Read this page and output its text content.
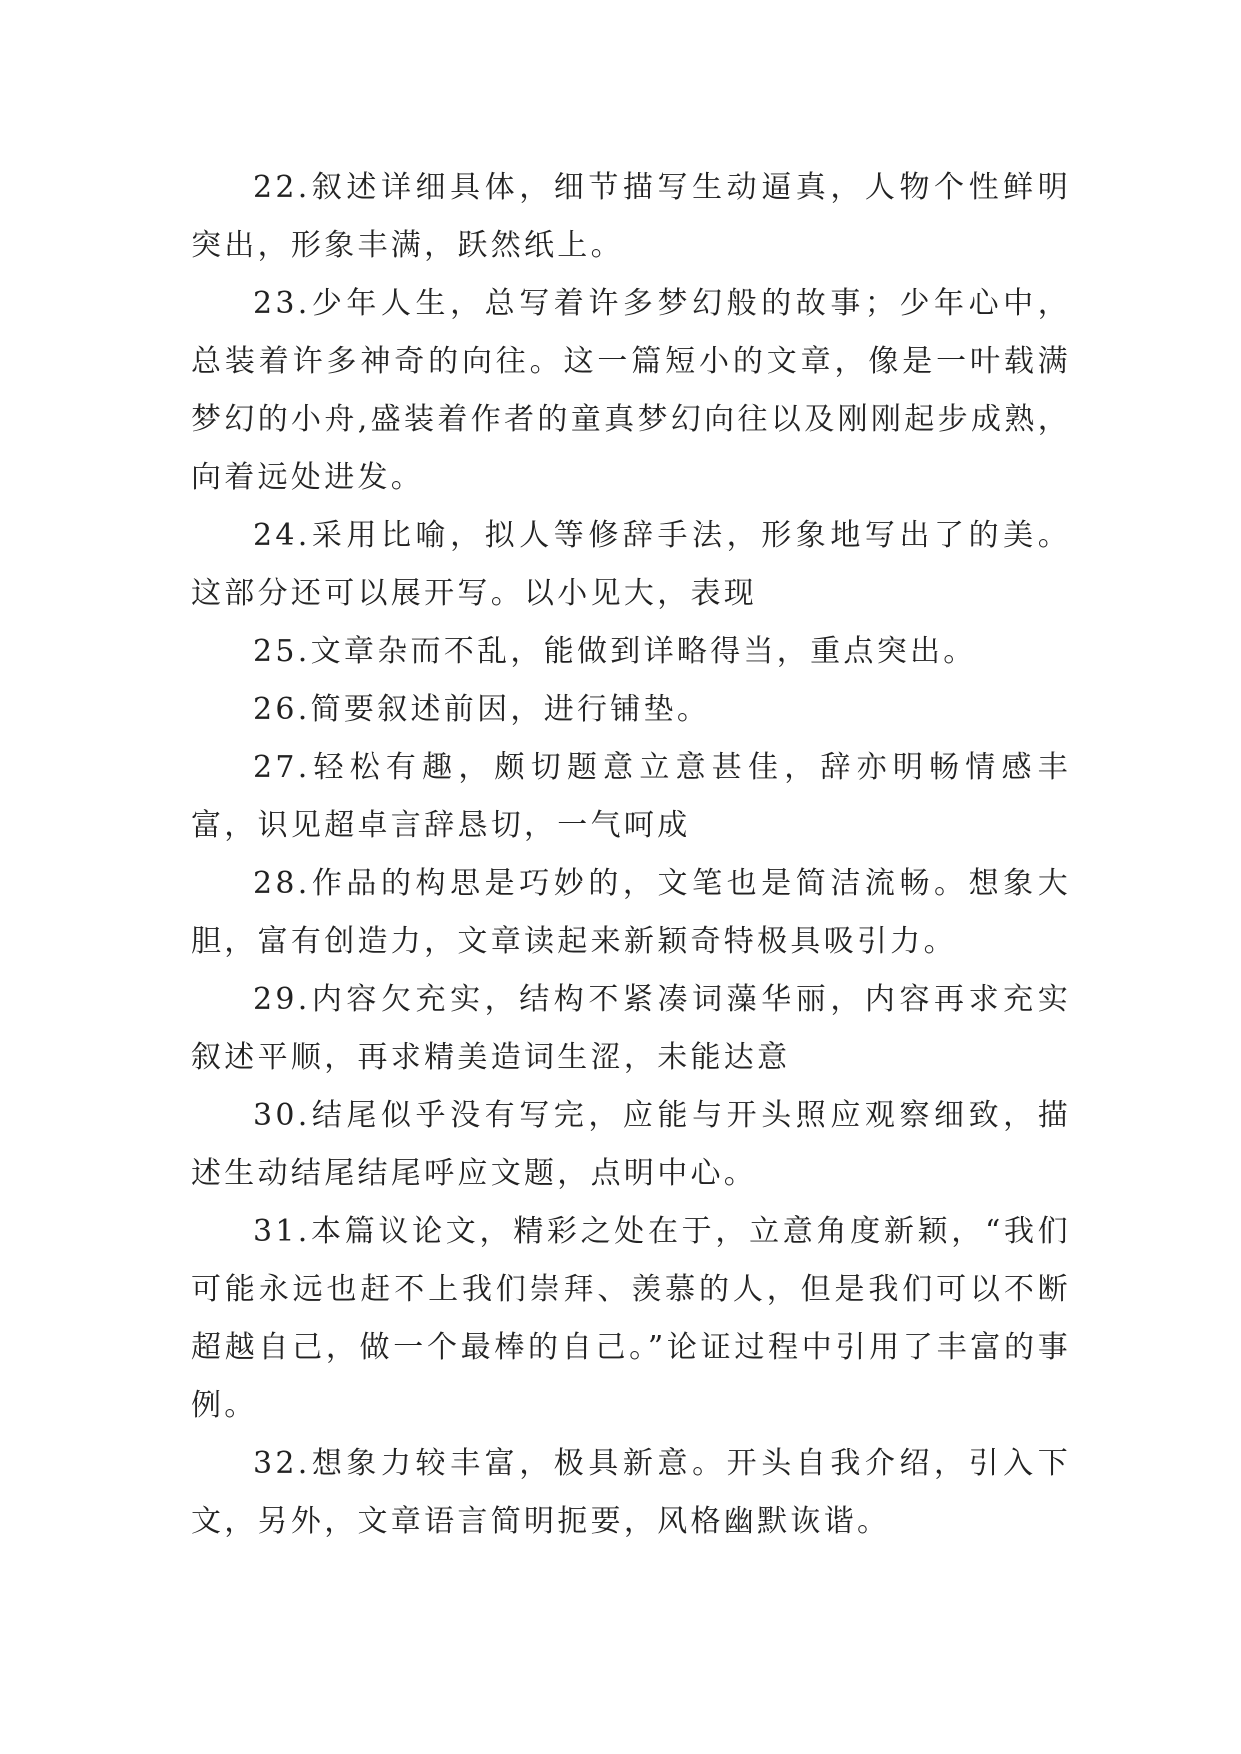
22.叙述详细具体，细节描写生动逼真，人物个性鲜明突出，形象丰满，跃然纸上。

23.少年人生，总写着许多梦幻般的故事；少年心中，总装着许多神奇的向往。这一篇短小的文章，像是一叶载满梦幻的小舟,盛装着作者的童真梦幻向往以及刚刚起步成熟，向着远处进发。

24.采用比喻，拟人等修辞手法，形象地写出了的美。这部分还可以展开写。以小见大，表现

25.文章杂而不乱，能做到详略得当，重点突出。

26.简要叙述前因，进行铺垫。

27.轻松有趣，颇切题意立意甚佳，辞亦明畅情感丰富，识见超卓言辞恳切，一气呵成

28.作品的构思是巧妙的，文笔也是简洁流畅。想象大胆，富有创造力，文章读起来新颖奇特极具吸引力。

29.内容欠充实，结构不紧凑词藻华丽，内容再求充实叙述平顺，再求精美造词生涩，未能达意

30.结尾似乎没有写完，应能与开头照应观察细致，描述生动结尾结尾呼应文题，点明中心。

31.本篇议论文，精彩之处在于，立意角度新颖，“我们可能永远也赶不上我们崇拜、羡慕的人，但是我们可以不断超越自己，做一个最棒的自己。”论证过程中引用了丰富的事例。

32.想象力较丰富，极具新意。开头自我介绍，引入下文，另外，文章语言简明扼要，风格幽默诙谐。
